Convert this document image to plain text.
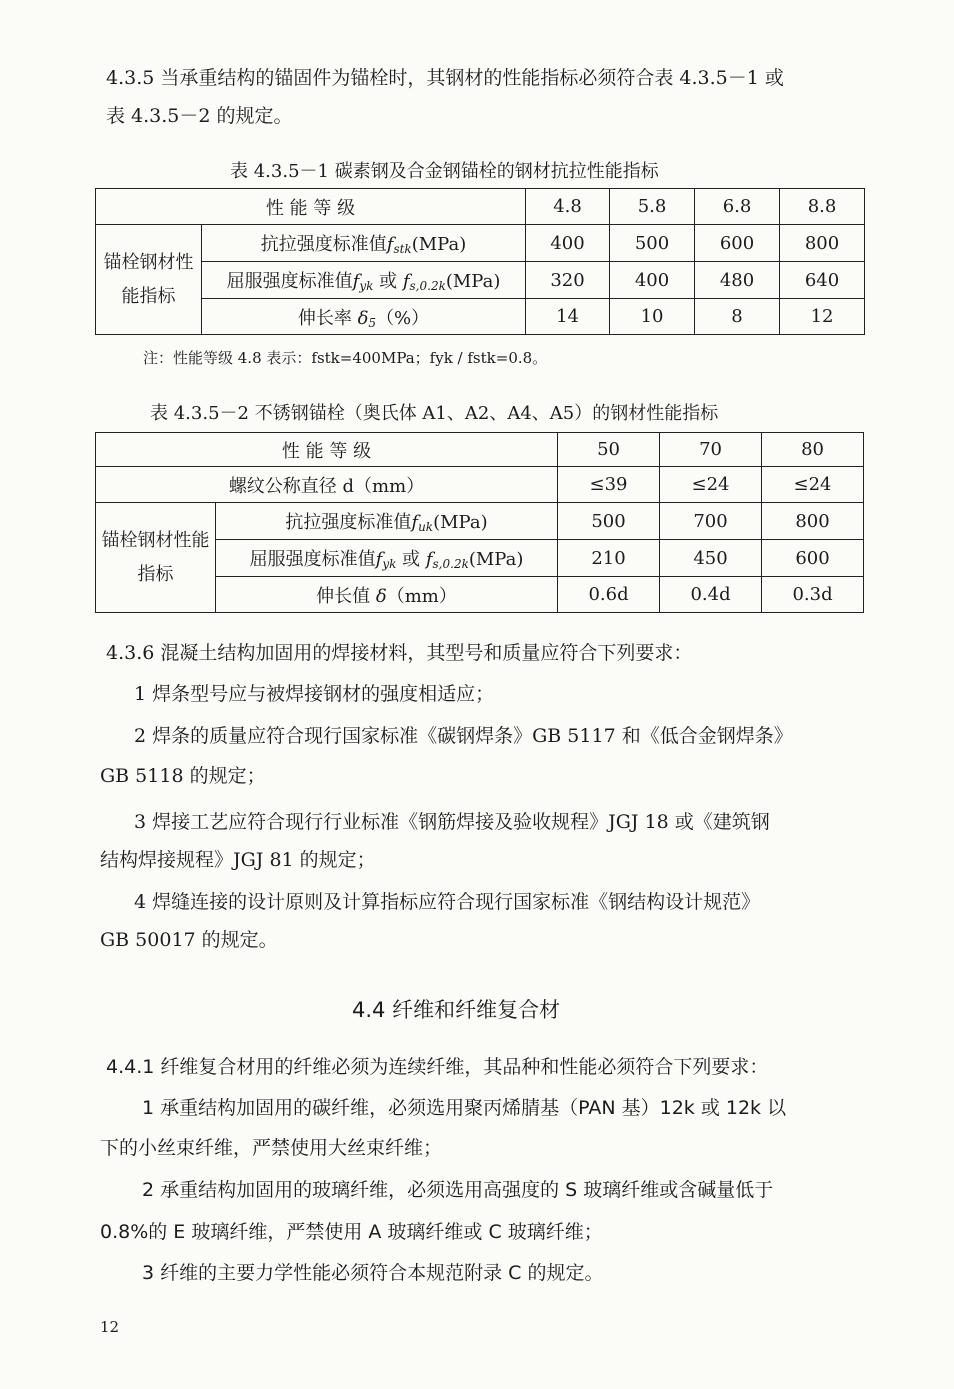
4.3.5 当承重结构的锚固件为锚栓时，其钢材的性能指标必须符合表 4.3.5－1 或
表 4.3.5－2 的规定。
表 4.3.5－1 碳素钢及合金钢锚栓的钢材抗拉性能指标
性 能 等 级		4.8	5.8	6.8	8.8
锚栓钢材性能指标	抗拉强度标准值$f_{stk}(MPa)$	400	500	600	800
	屈服强度标准值$f_{yk}$ 或 $f_{s,0.2k}(MPa)$	320	400	480	640
	伸长率 $\delta_5(\%)$	14	10	8	12
注：性能等级 4.8 表示：fstk=400MPa；fyk / fstk=0.8。
表 4.3.5－2 不锈钢锚栓（奥氏体 A1、A2、A4、A5）的钢材性能指标
性 能 等 级		50	70	80
螺纹公称直径 d（mm）		≤39	≤24	≤24
锚栓钢材性能指标	抗拉强度标准值$f_{uk}(MPa)$	500	700	800
	屈服强度标准值$f_{yk}$ 或 $f_{s,0.2k}(MPa)$	210	450	600
	伸长值 δ（mm）	0.6d	0.4d	0.3d
4.3.6 混凝土结构加固用的焊接材料，其型号和质量应符合下列要求：
1 焊条型号应与被焊接钢材的强度相适应；
2 焊条的质量应符合现行国家标准《碳钢焊条》GB 5117 和《低合金钢焊条》
GB 5118 的规定；
3 焊接工艺应符合现行行业标准《钢筋焊接及验收规程》JGJ 18 或《建筑钢
结构焊接规程》JGJ 81 的规定；
4 焊缝连接的设计原则及计算指标应符合现行国家标准《钢结构设计规范》
GB 50017 的规定。
4.4 纤维和纤维复合材
4.4.1 纤维复合材用的纤维必须为连续纤维，其品种和性能必须符合下列要求：
1 承重结构加固用的碳纤维，必须选用聚丙烯腈基（PAN 基）12k 或 12k 以
下的小丝束纤维，严禁使用大丝束纤维；
2 承重结构加固用的玻璃纤维，必须选用高强度的 S 玻璃纤维或含碱量低于
0.8%的 E 玻璃纤维，严禁使用 A 玻璃纤维或 C 玻璃纤维；
3 纤维的主要力学性能必须符合本规范附录 C 的规定。
12
